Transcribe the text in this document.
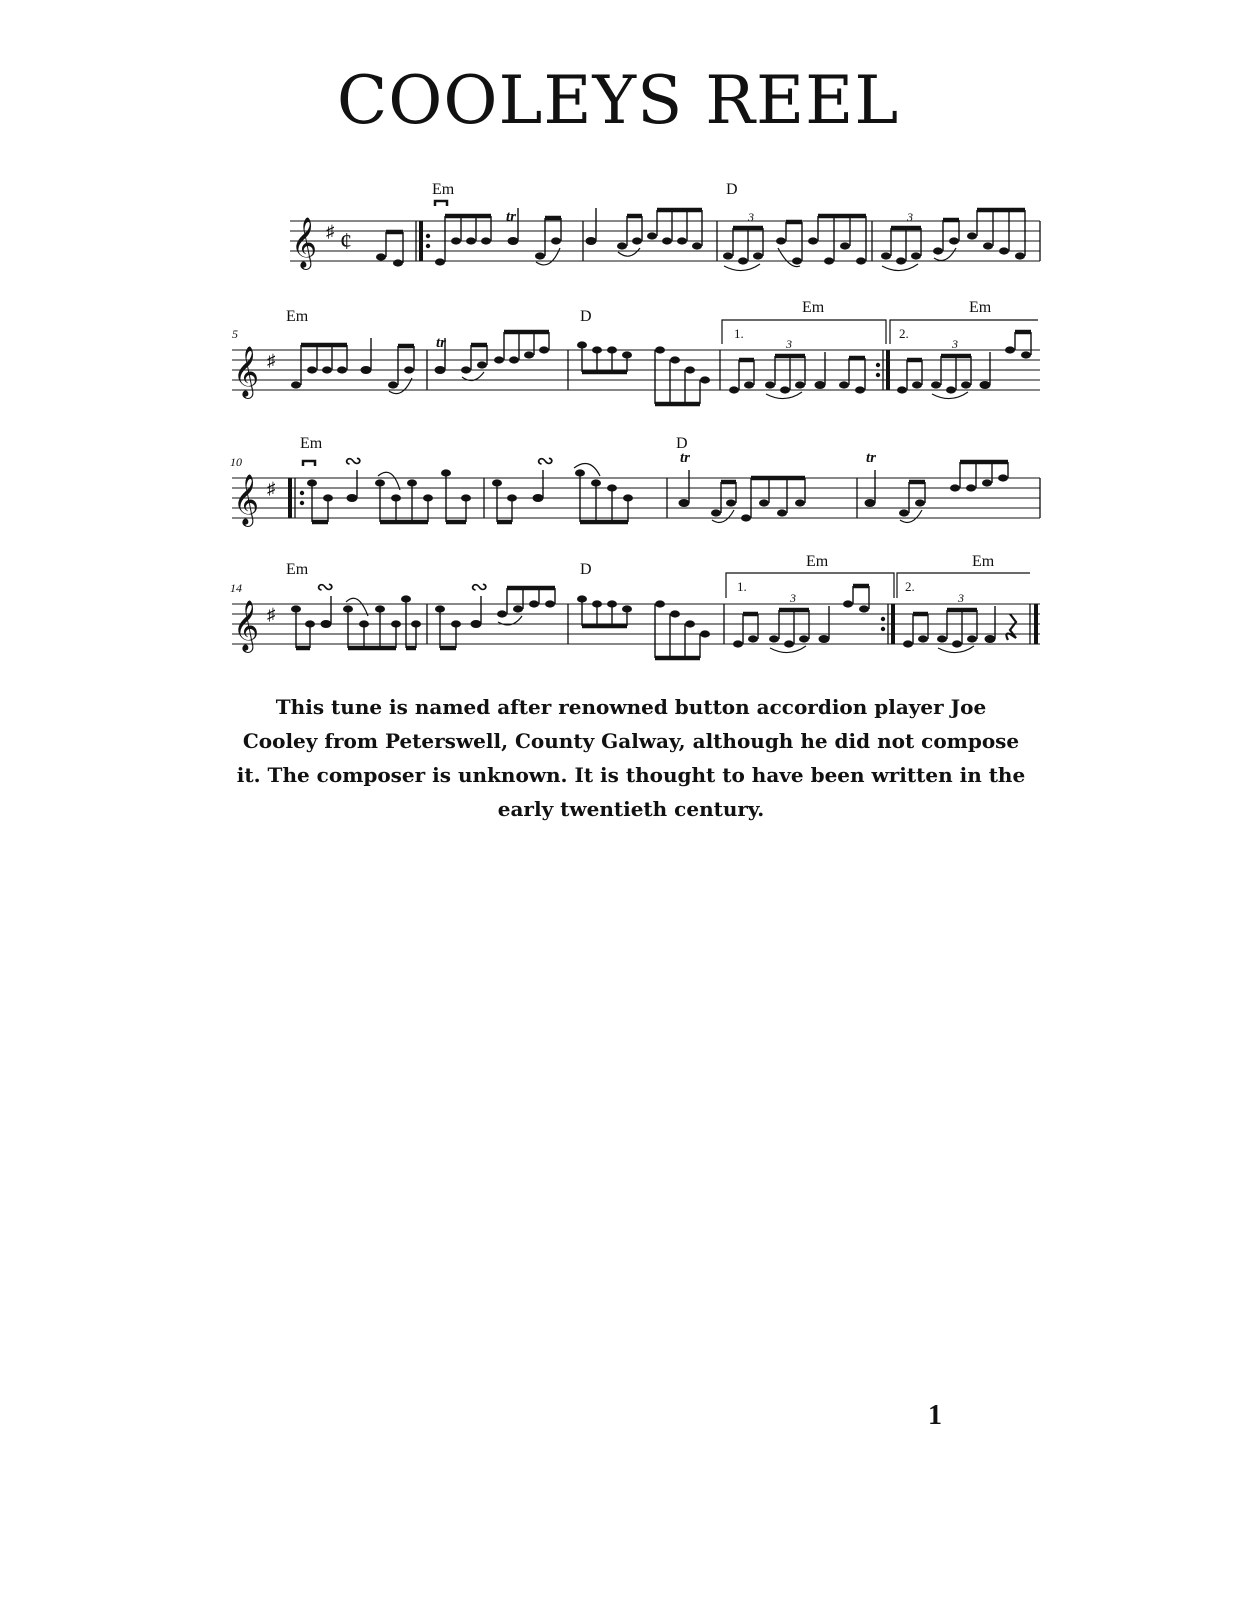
COOLEYS REEL
𝄞 ♯ ¢
Em	D
tr	3	3
5
𝄞 ♯
Em	D
Em	Em
1.	2.
tr	3	3
10
𝄞 ♯
Em	D
tr	tr
∾	∾
14
𝄞 ♯
Em	D	Em	Em
1.	2.
∾	∾	3	3

This tune is named after renowned button accordion player Joe Cooley from Peterswell, County Galway, although he did not compose it. The composer is unknown. It is thought to have been written in the early twentieth century.

1
